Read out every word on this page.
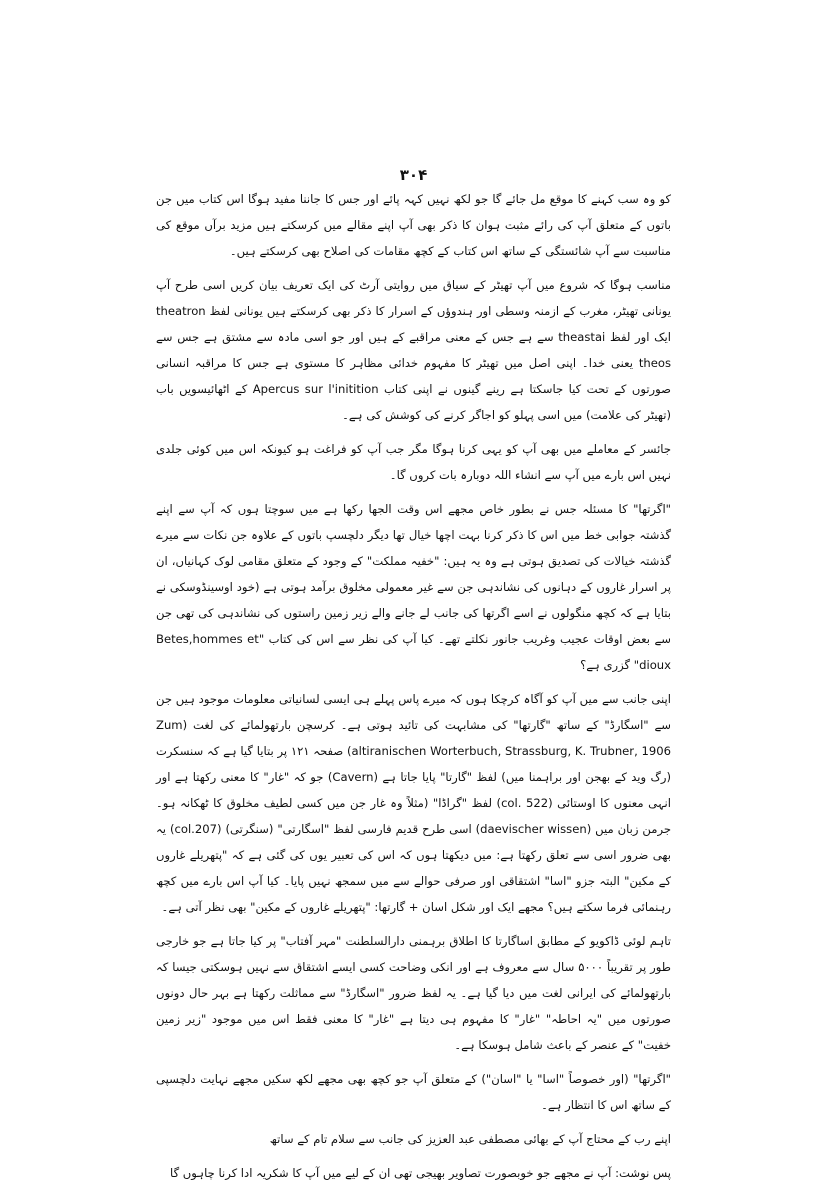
۳۰۴

کو وہ سب کہنے کا موقع مل جائے گا جو لکھ نہیں کہہ پائے اور جس کا جاننا مفید ہوگا اس کتاب میں جن باتوں کے متعلق آپ کی رائے مثبت ہوان کا ذکر بھی آپ اپنے مقالے میں کرسکتے ہیں مزید برآں موقع کی مناسبت سے آپ شائستگی کے ساتھ اس کتاب کے کچھ مقامات کی اصلاح بھی کرسکتے ہیں۔

مناسب ہوگا کہ شروع میں آپ تھیٹر کے سیاق میں روایتی آرٹ کی ایک تعریف بیان کریں اسی طرح آپ یونانی تھیٹر، مغرب کے ازمنہ وسطی اور ہندوؤں کے اسرار کا ذکر بھی کرسکتے ہیں یونانی لفظ theatron ایک اور لفظ theastai سے ہے جس کے معنی مراقبے کے ہیں اور جو اسی مادہ سے مشتق ہے جس سے theos یعنی خدا۔ اپنی اصل میں تھیٹر کا مفہوم خدائی مظاہر کا مستوی ہے جس کا مراقبہ انسانی صورتوں کے تحت کیا جاسکتا ہے رینے گینوں نے اپنی کتاب Apercus sur l'initition کے اٹھائیسویں باب (تھیٹر کی علامت) میں اسی پہلو کو اجاگر کرنے کی کوشش کی ہے۔

جائسر کے معاملے میں بھی آپ کو یہی کرنا ہوگا مگر جب آپ کو فراغت ہو کیونکہ اس میں کوئی جلدی نہیں اس بارے میں آپ سے انشاء اللہ دوبارہ بات کروں گا۔

"اگرتھا" کا مسئلہ جس نے بطور خاص مجھے اس وقت الجھا رکھا ہے میں سوچتا ہوں کہ آپ سے اپنے گذشتہ جوابی خط میں اس کا ذکر کرنا بہت اچھا خیال تھا دیگر دلچسپ باتوں کے علاوہ جن نکات سے میرے گذشتہ خیالات کی تصدیق ہوتی ہے وہ یہ ہیں: "خفیہ مملکت" کے وجود کے متعلق مقامی لوک کہانیاں، ان پر اسرار غاروں کے دہانوں کی نشاندہی جن سے غیر معمولی مخلوق برآمد ہوتی ہے (خود اوسینڈوسکی نے بتایا ہے کہ کچھ منگولوں نے اسے اگرتھا کی جانب لے جانے والے زیر زمین راستوں کی نشاندہی کی تھی جن سے بعض اوقات عجیب وغریب جانور نکلتے تھے۔ کیا آپ کی نظر سے اس کی کتاب "Betes,hommes et dioux" گزری ہے؟

اپنی جانب سے میں آپ کو آگاہ کرچکا ہوں کہ میرے پاس پہلے ہی ایسی لسانیاتی معلومات موجود ہیں جن سے "اسگارڈ" کے ساتھ "گارتھا" کی مشابہت کی تائید ہوتی ہے۔ کرسچن بارتھولمائے کی لغت (Zum altiranischen Worterbuch, Strassburg, K. Trubner, 1906) صفحہ ۱۲۱ پر بتایا گیا ہے کہ سنسکرت (رگ وید کے بھجن اور براہمنا میں) لفظ "گارتا" پایا جاتا ہے (Cavern) جو کہ "غار" کا معنی رکھتا ہے اور انہی معنوں کا اوستائی (col. 522) لفظ "گراڈا" (مثلاً وہ غار جن میں کسی لطیف مخلوق کا ٹھکانہ ہو۔ جرمن زبان میں (daevischer wissen) اسی طرح قدیم فارسی لفظ "اسگارتی" (سنگرتی) (col.207) یہ بھی ضرور اسی سے تعلق رکھتا ہے: میں دیکھتا ہوں کہ اس کی تعبیر یوں کی گئی ہے کہ "پتھریلے غاروں کے مکین" البتہ جزو "اسا" اشتقاقی اور صرفی حوالے سے میں سمجھ نہیں پایا۔ کیا آپ اس بارے میں کچھ رہنمائی فرما سکتے ہیں؟ مجھے ایک اور شکل اسان + گارتھا: "پتھریلے غاروں کے مکین" بھی نظر آتی ہے۔

تاہم لوئی ڈاکویو کے مطابق اساگارتا کا اطلاق برہمنی دارالسلطنت "مہر آفتاب" پر کیا جاتا ہے جو خارجی طور پر تقریباً ۵۰۰۰ سال سے معروف ہے اور انکی وضاحت کسی ایسے اشتقاق سے نہیں ہوسکتی جیسا کہ بارتھولمائے کی ایرانی لغت میں دیا گیا ہے۔ یہ لفظ ضرور "اسگارڈ" سے مماثلت رکھتا ہے بہر حال دونوں صورتوں میں "یہ احاطہ" "غار" کا مفہوم ہی دیتا ہے "غار" کا معنی فقط اس میں موجود "زیر زمین خفیت" کے عنصر کے باعث شامل ہوسکا ہے۔

"اگرتھا" (اور خصوصاً "اسا" یا "اسان") کے متعلق آپ جو کچھ بھی مجھے لکھ سکیں مجھے نہایت دلچسپی کے ساتھ اس کا انتظار ہے۔

اپنے رب کے محتاج آپ کے بھائی مصطفی عبد العزیز کی جانب سے سلام تام کے ساتھ

پس نوشت: آپ نے مجھے جو خوبصورت تصاویر بھیجی تھی ان کے لیے میں آپ کا شکریہ ادا کرنا چاہوں گا
